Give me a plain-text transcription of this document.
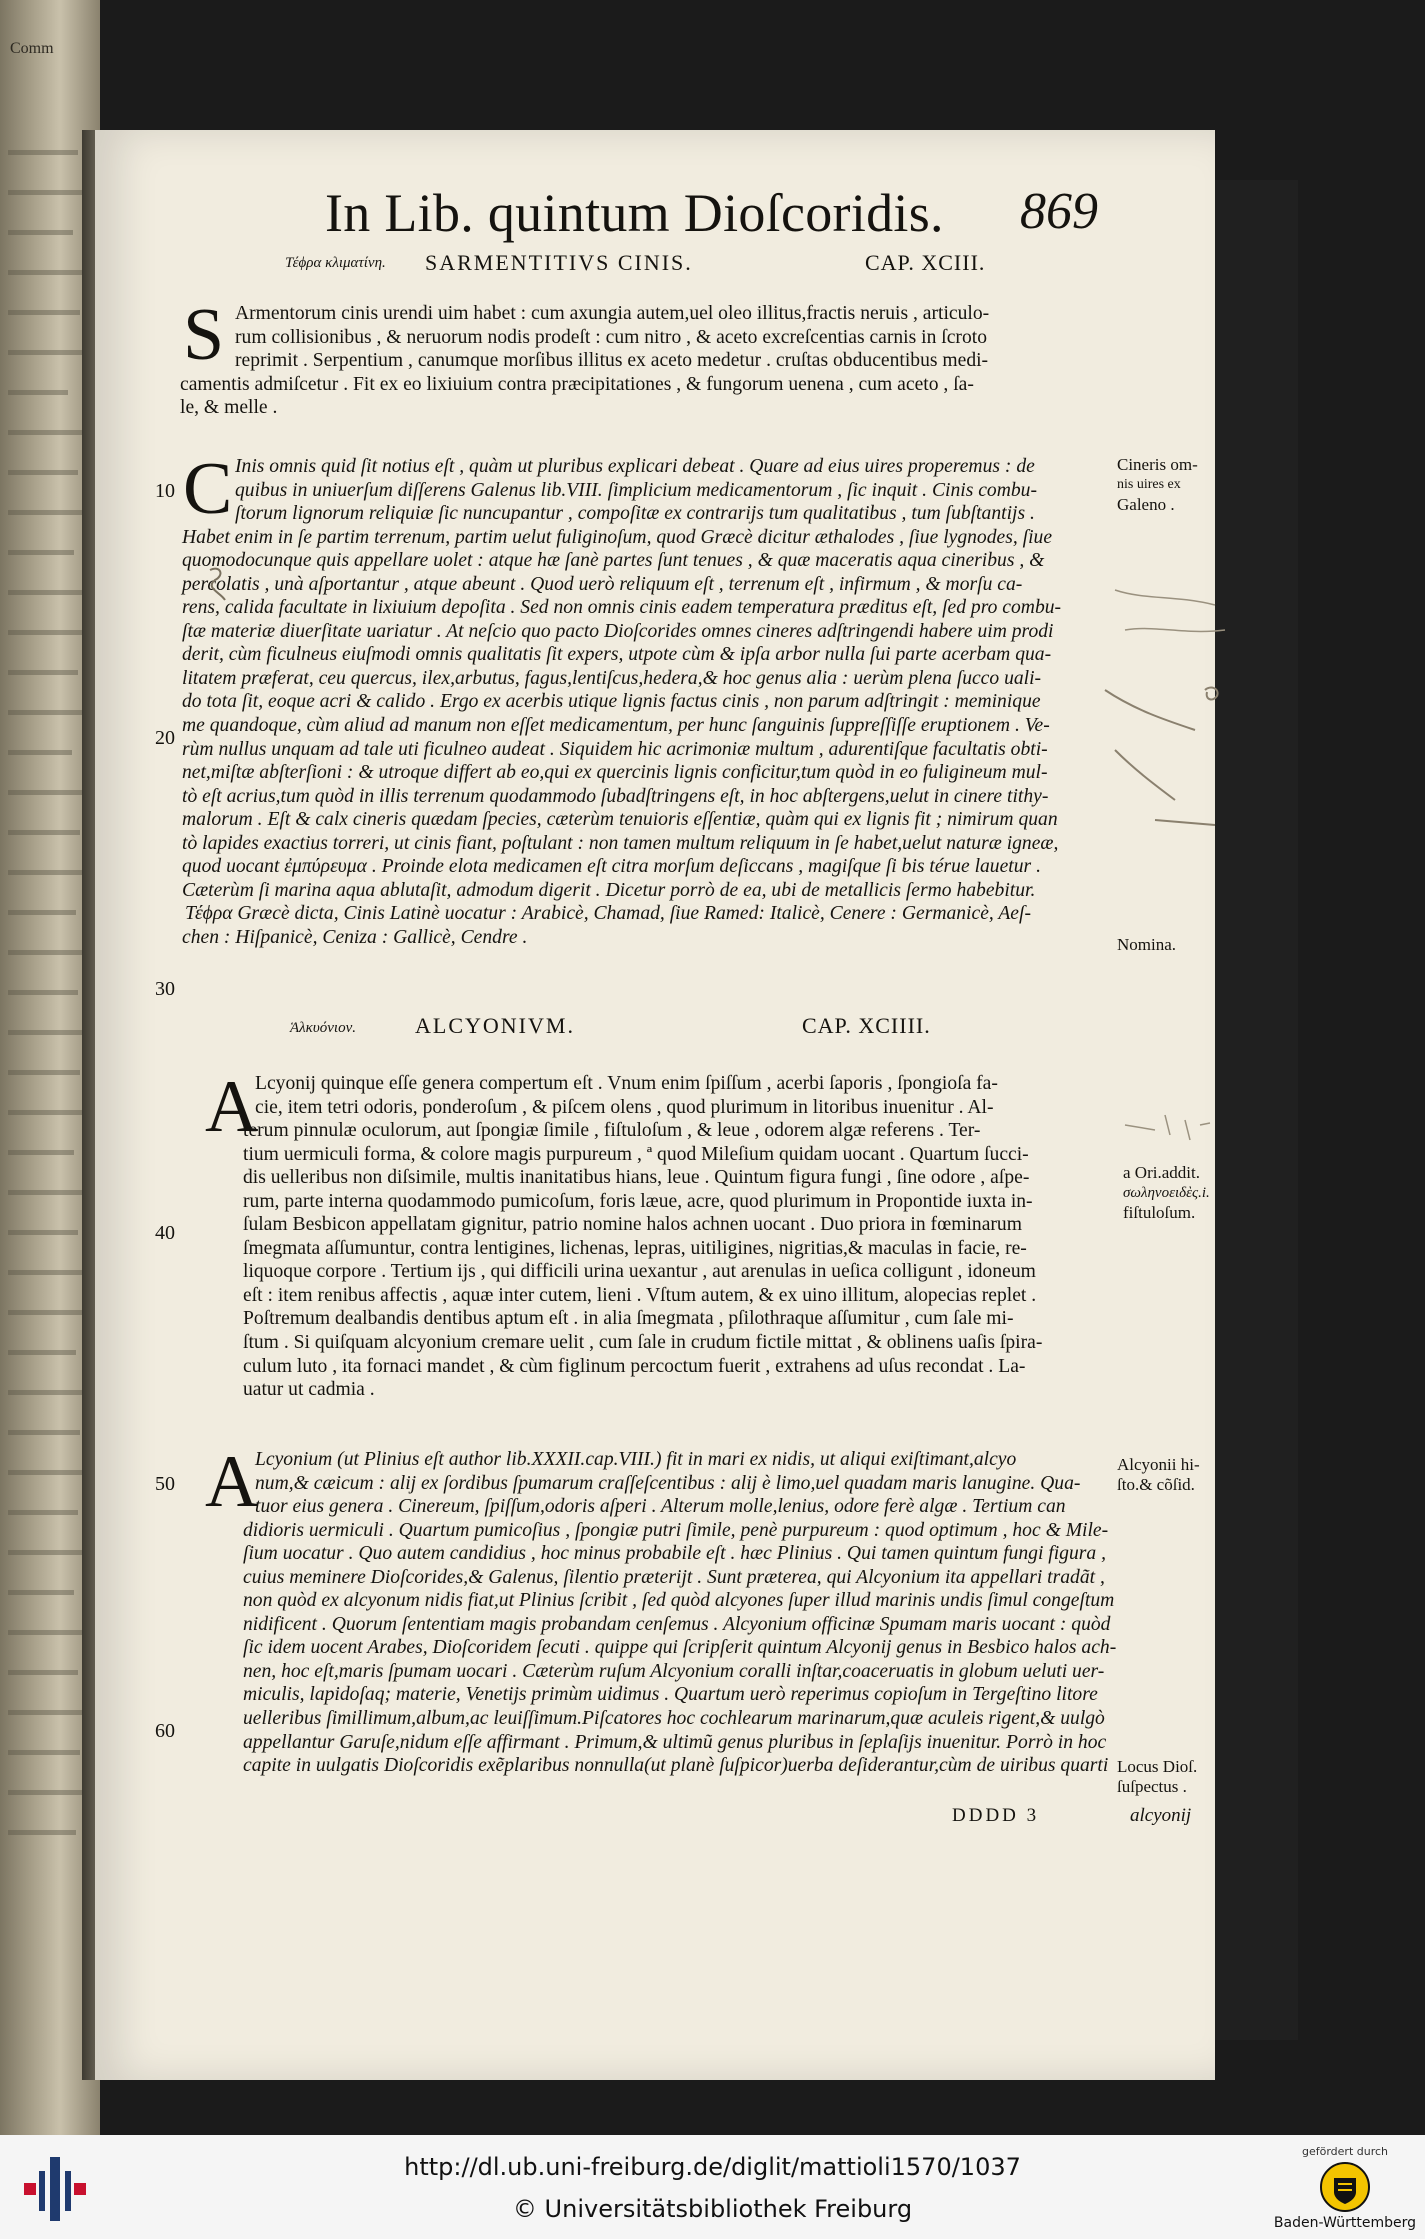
Comm
In Lib. quintum Dioſcoridis. 869
Τέϕρα κλιματίνη. SARMENTITIVS CINIS.	CAP. XCIII.
S Armentorum cinis urendi uim habet : cum axungia autem,uel oleo illitus,fractis neruis , articulo-
rum collisionibus , & neruorum nodis prodeſt : cum nitro , & aceto excreſcentias carnis in ſcroto
reprimit . Serpentium , canumque morſibus illitus ex aceto medetur . cruſtas obducentibus medi-
camentis admiſcetur . Fit ex eo lixiuium contra præcipitationes , & fungorum uenena , cum aceto , ſa-
le, & melle .
C Inis omnis quid ſit notius eſt , quàm ut pluribus explicari debeat . Quare ad eius uires properemus : de
quibus in uniuerſum diſſerens Galenus lib.VIII. ſimplicium medicamentorum , ſic inquit . Cinis combu-
ſtorum lignorum reliquiæ ſic nuncupantur , compoſitæ ex contrarijs tum qualitatibus , tum ſubſtantijs .
Habet enim in ſe partim terrenum, partim uelut fuliginoſum, quod Græcè dicitur æthalodes , ſiue lygnodes, ſiue
quomodocunque quis appellare uolet : atque hæ ſanè partes ſunt tenues , & quæ maceratis aqua cineribus , &
percolatis , unà aſportantur , atque abeunt . Quod uerò reliquum eſt , terrenum eſt , infirmum , & morſu ca-
rens, calida facultate in lixiuium depoſita . Sed non omnis cinis eadem temperatura præditus eſt, ſed pro combu-
ſtæ materiæ diuerſitate uariatur . At neſcio quo pacto Dioſcorides omnes cineres adſtringendi habere uim prodi
derit, cùm ficulneus eiuſmodi omnis qualitatis ſit expers, utpote cùm & ipſa arbor nulla ſui parte acerbam qua-
litatem præferat, ceu quercus, ilex,arbutus, fagus,lentiſcus,hedera,& hoc genus alia : uerùm plena ſucco uali-
do tota ſit, eoque acri & calido . Ergo ex acerbis utique lignis factus cinis , non parum adſtringit : meminique
me quandoque, cùm aliud ad manum non eſſet medicamentum, per hunc ſanguinis ſuppreſſiſſe eruptionem . Ve-
rùm nullus unquam ad tale uti ficulneo audeat . Siquidem hic acrimoniæ multum , adurentiſque facultatis obti-
net,miſtæ abſterſioni : & utroque differt ab eo,qui ex quercinis lignis conficitur,tum quòd in eo fuligineum mul-
tò eſt acrius,tum quòd in illis terrenum quodammodo ſubadſtringens eſt, in hoc abſtergens,uelut in cinere tithy-
malorum . Eſt & calx cineris quædam ſpecies, cæterùm tenuioris eſſentiæ, quàm qui ex lignis fit ; nimirum quan
tò lapides exactius torreri, ut cinis fiant, poſtulant : non tamen multum reliquum in ſe habet,uelut naturæ igneæ,
quod uocant ἐμπύρευμα . Proinde elota medicamen eſt citra morſum deſiccans , magiſque ſi bis térue lauetur .
Cæterùm ſi marina aqua ablutaſit, admodum digerit . Dicetur porrò de ea, ubi de metallicis ſermo habebitur.
Τέϕρα Græcè dicta, Cinis Latinè uocatur : Arabicè, Chamad, ſiue Ramed: Italicè, Cenere : Germanicè, Aeſ-
chen : Hiſpanicè, Ceniza : Gallicè, Cendre .
Ἁλκυόνιον.	ALCYONIVM.	CAP. XCIIII.
A
Lcyonij quinque eſſe genera compertum eſt . Vnum enim ſpiſſum , acerbi ſaporis , ſpongioſa fa-
cie, item tetri odoris, ponderoſum , & piſcem olens , quod plurimum in litoribus inuenitur . Al-
terum pinnulæ oculorum, aut ſpongiæ ſimile , fiſtuloſum , & leue , odorem algæ referens . Ter-
tium uermiculi forma, & colore magis purpureum , ª quod Mileſium quidam uocant . Quartum ſucci-
dis uelleribus non diſsimile, multis inanitatibus hians, leue . Quintum figura fungi , ſine odore , aſpe-
rum, parte interna quodammodo pumicoſum, foris læue, acre, quod plurimum in Propontide iuxta in-
ſulam Besbicon appellatam gignitur, patrio nomine halos achnen uocant . Duo priora in fœminarum
ſmegmata aſſumuntur, contra lentigines, lichenas, lepras, uitiligines, nigritias,& maculas in facie, re-
liquoque corpore . Tertium ijs , qui difficili urina uexantur , aut arenulas in ueſica colligunt , idoneum
eſt : item renibus affectis , aquæ inter cutem, lieni . Vſtum autem, & ex uino illitum, alopecias replet .
Poſtremum dealbandis dentibus aptum eſt . in alia ſmegmata , pſilothraque aſſumitur , cum ſale mi-
ſtum . Si quiſquam alcyonium cremare uelit , cum ſale in crudum fictile mittat , & oblinens uaſis ſpira-
culum luto , ita fornaci mandet , & cùm figlinum percoctum fuerit , extrahens ad uſus recondat . La-
uatur ut cadmia .
A
Lcyonium (ut Plinius eſt author lib.XXXII.cap.VIII.) fit in mari ex nidis, ut aliqui exiſtimant,alcyo
num,& cæicum : alij ex ſordibus ſpumarum craſſeſcentibus : alij è limo,uel quadam maris lanugine. Qua-
tuor eius genera . Cinereum, ſpiſſum,odoris aſperi . Alterum molle,lenius, odore ferè algæ . Tertium can
didioris uermiculi . Quartum pumicoſius , ſpongiæ putri ſimile, penè purpureum : quod optimum , hoc & Mile-
ſium uocatur . Quo autem candidius , hoc minus probabile eſt . hæc Plinius . Qui tamen quintum fungi figura ,
cuius meminere Dioſcorides,& Galenus, ſilentio præterijt . Sunt præterea, qui Alcyonium ita appellari tradãt ,
non quòd ex alcyonum nidis fiat,ut Plinius ſcribit , ſed quòd alcyones ſuper illud marinis undis ſimul congeſtum
nidificent . Quorum ſententiam magis probandam cenſemus . Alcyonium officinæ Spumam maris uocant : quòd
ſic idem uocent Arabes, Dioſcoridem ſecuti . quippe qui ſcripſerit quintum Alcyonij genus in Besbico halos ach-
nen, hoc eſt,maris ſpumam uocari . Cæterùm ruſum Alcyonium coralli inſtar,coaceruatis in globum ueluti uer-
miculis, lapidoſaq; materie, Venetijs primùm uidimus . Quartum uerò reperimus copioſum in Tergeſtino litore
uelleribus ſimillimum,album,ac leuiſſimum.Piſcatores hoc cochlearum marinarum,quæ aculeis rigent,& uulgò
appellantur Garuſe,nidum eſſe affirmant . Primum,& ultimũ genus pluribus in ſeplaſijs inuenitur. Porrò in hoc
capite in uulgatis Dioſcoridis exẽplaribus nonnulla(ut planè ſuſpicor)uerba deſiderantur,cùm de uiribus quarti
10
20
30
40
50
60
Cineris om-
nis uires ex
Galeno .
Nomina.
a Ori.addit.
σωληνοειδὲς.i.
fiſtuloſum.
Alcyonii hi-
ſto.& cõſid.
Locus Dioſ.
ſuſpectus .
DDDD 3	alcyonij
http://dl.ub.uni-freiburg.de/diglit/mattioli1570/1037
© Universitätsbibliothek Freiburg
gefördert durch
Baden-Württemberg
